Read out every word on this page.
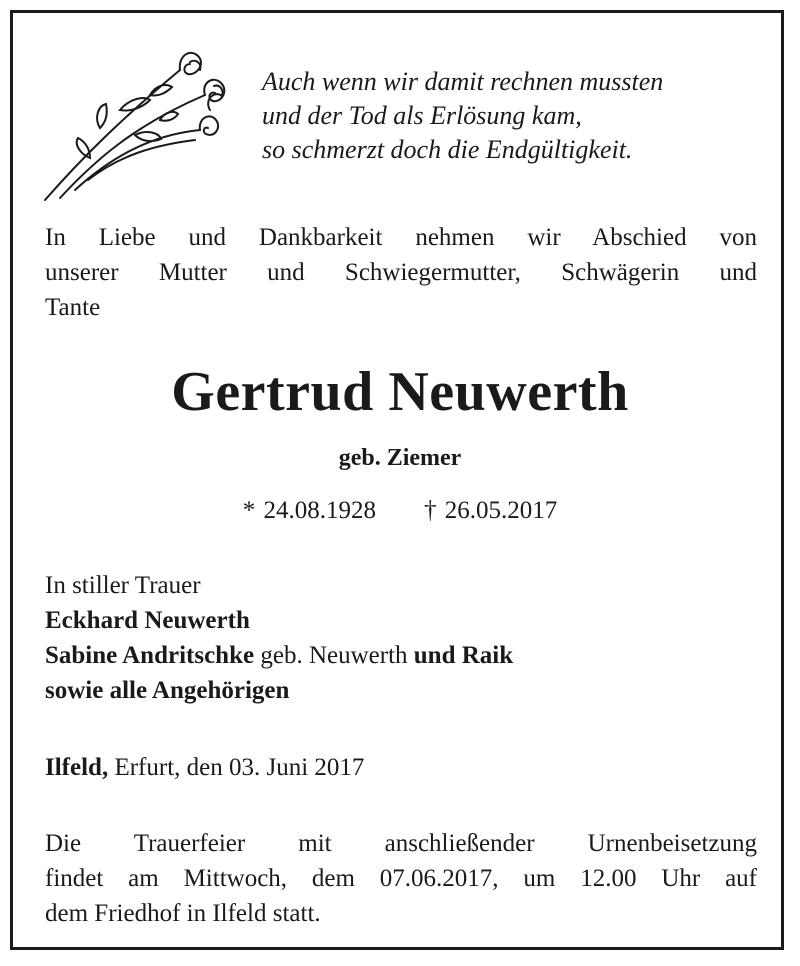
Auch wenn wir damit rechnen mussten
und der Tod als Erlösung kam,
so schmerzt doch die Endgültigkeit.
In Liebe und Dankbarkeit nehmen wir Abschied von
unserer Mutter und Schwiegermutter, Schwägerin und
Tante
Gertrud Neuwerth
geb. Ziemer
* 24.08.1928 † 26.05.2017
In stiller Trauer
Eckhard Neuwerth
Sabine Andritschke geb. Neuwerth und Raik
sowie alle Angehörigen
Ilfeld, Erfurt, den 03. Juni 2017
Die Trauerfeier mit anschließender Urnenbeisetzung
findet am Mittwoch, dem 07.06.2017, um 12.00 Uhr auf
dem Friedhof in Ilfeld statt.
